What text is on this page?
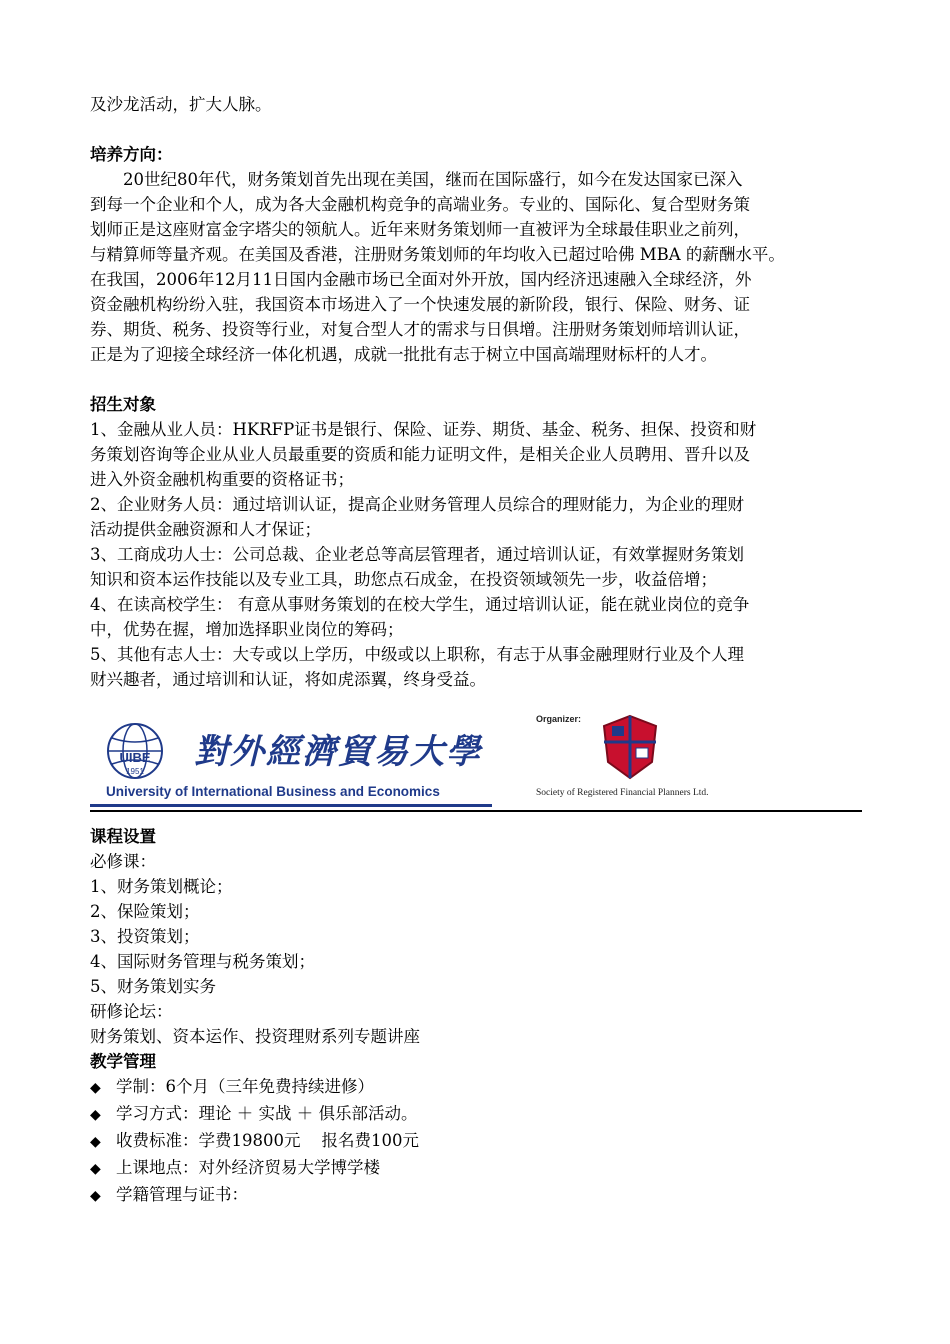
及沙龙活动，扩大人脉。

培养方向：

20世纪80年代，财务策划首先出现在美国，继而在国际盛行，如今在发达国家已深入

到每一个企业和个人，成为各大金融机构竞争的高端业务。专业的、国际化、复合型财务策

划师正是这座财富金字塔尖的领航人。近年来财务策划师一直被评为全球最佳职业之前列，

与精算师等量齐观。在美国及香港，注册财务策划师的年均收入已超过哈佛 MBA 的薪酬水平。

在我国，2006年12月11日国内金融市场已全面对外开放，国内经济迅速融入全球经济，外

资金融机构纷纷入驻，我国资本市场进入了一个快速发展的新阶段，银行、保险、财务、证

券、期货、税务、投资等行业，对复合型人才的需求与日俱增。注册财务策划师培训认证，

正是为了迎接全球经济一体化机遇，成就一批批有志于树立中国高端理财标杆的人才。

招生对象

1、金融从业人员：HKRFP证书是银行、保险、证券、期货、基金、税务、担保、投资和财

务策划咨询等企业从业人员最重要的资质和能力证明文件，是相关企业人员聘用、晋升以及

进入外资金融机构重要的资格证书；

2、企业财务人员：通过培训认证，提高企业财务管理人员综合的理财能力，为企业的理财

活动提供金融资源和人才保证；

3、工商成功人士：公司总裁、企业老总等高层管理者，通过培训认证，有效掌握财务策划

知识和资本运作技能以及专业工具，助您点石成金，在投资领域领先一步，收益倍增；

4、在读高校学生： 有意从事财务策划的在校大学生，通过培训认证，能在就业岗位的竞争

中，优势在握，增加选择职业岗位的筹码；

5、其他有志人士：大专或以上学历，中级或以上职称，有志于从事金融理财行业及个人理

财兴趣者，通过培训和认证，将如虎添翼，终身受益。

UIBE
1951 對外經濟貿易大學
University of International Business and Economics
Organizer:
Society of Registered Financial Planners Ltd.

课程设置

必修课：

1、财务策划概论；

2、保险策划；

3、投资策划；

4、国际财务管理与税务策划；

5、财务策划实务

研修论坛：

财务策划、资本运作、投资理财系列专题讲座

教学管理

◆ 学制：6个月（三年免费持续进修）
◆ 学习方式：理论 ＋ 实战 ＋ 俱乐部活动。
◆ 收费标准：学费19800元    报名费100元
◆ 上课地点：对外经济贸易大学博学楼
◆ 学籍管理与证书：
